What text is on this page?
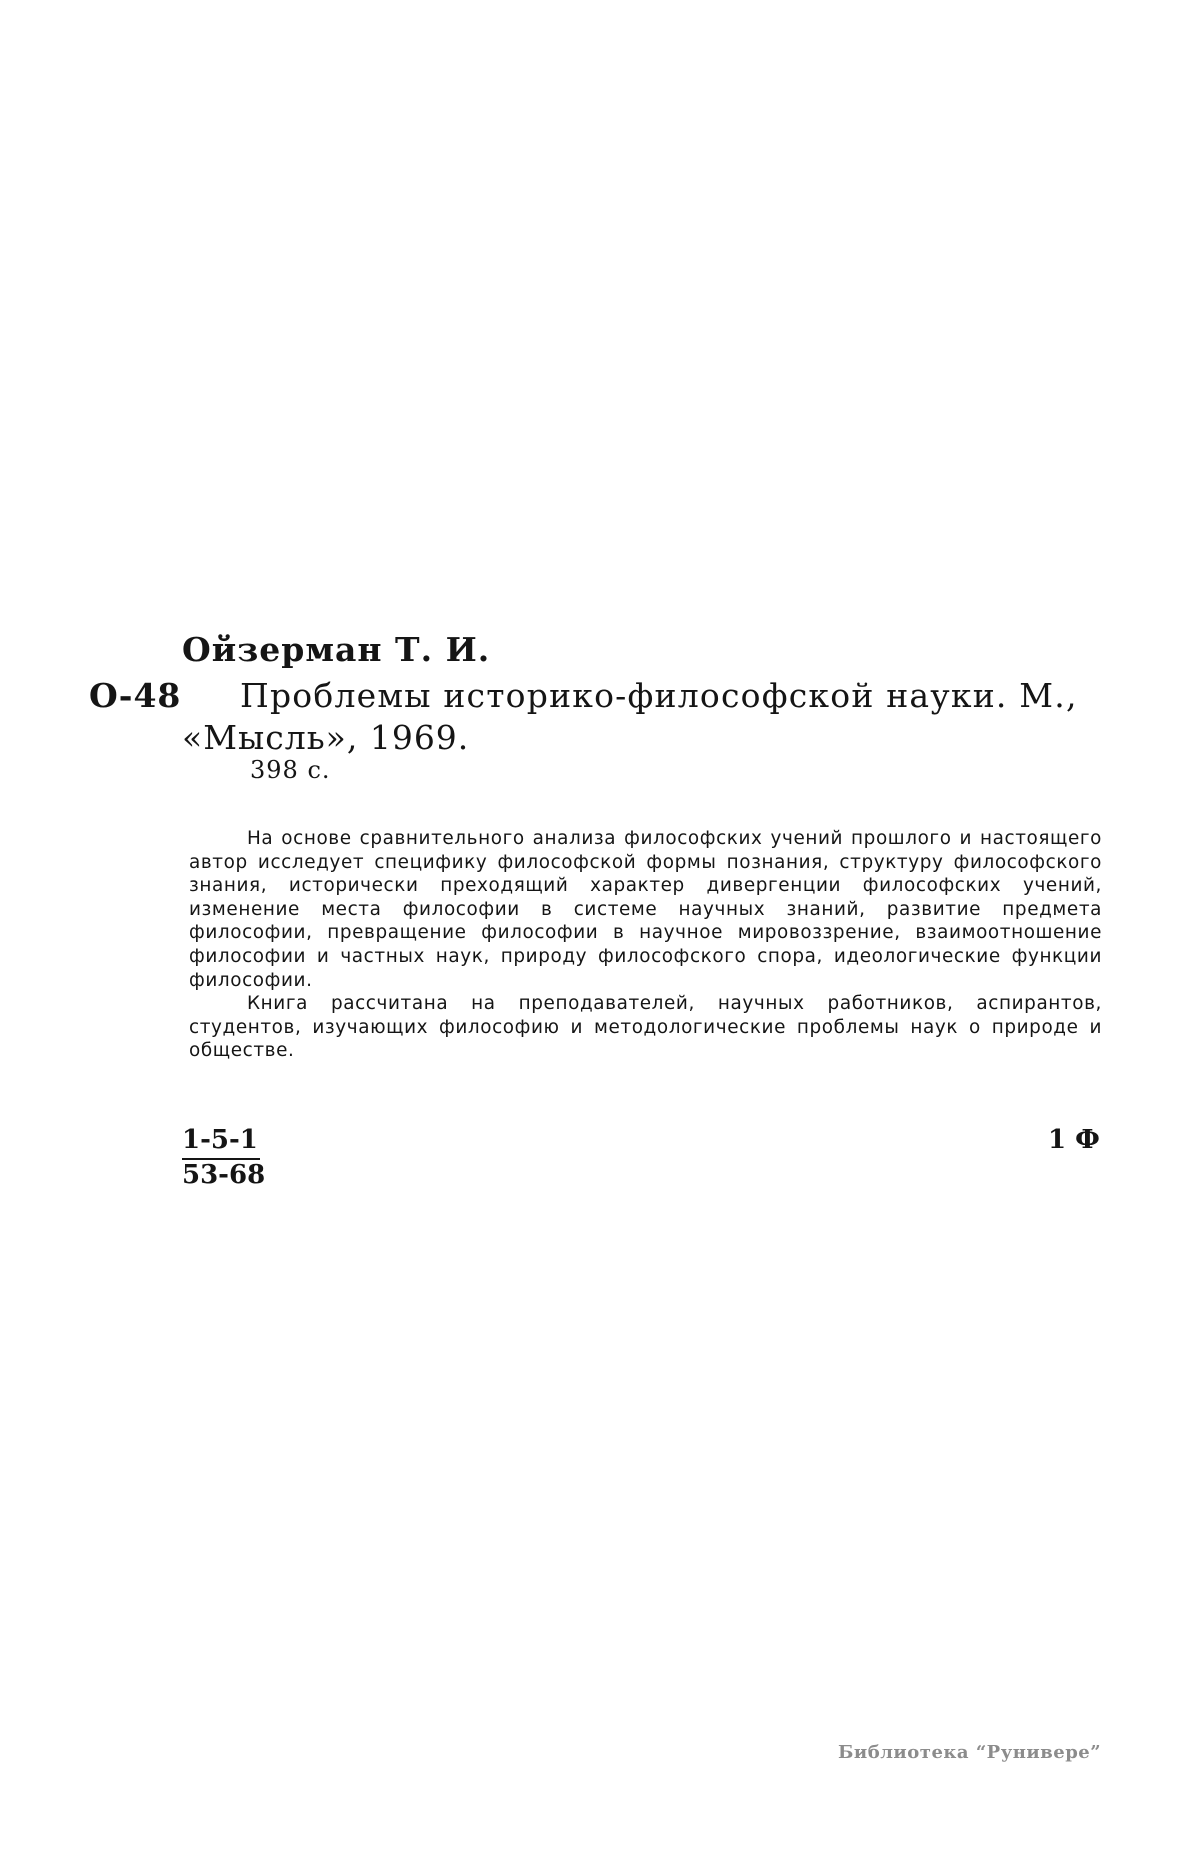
Ойзерман Т. И.
О-48 Проблемы историко-философской науки. М.,
«Мысль», 1969.
398 с.

На основе сравнительного анализа философских учений прошлого и настоящего автор исследует специфику философской формы познания, структуру философского знания, исторически преходящий характер дивергенции философских учений, изменение места философии в системе научных знаний, развитие предмета философии, превращение философии в научное мировоззрение, взаимоотношение философии и частных наук, природу философского спора, идеологические функции философии.

Книга рассчитана на преподавателей, научных работников, аспирантов, студентов, изучающих философию и методологические проблемы наук о природе и обществе.

1-5-1
53-68
1 Ф
Библиотека “Рунивере”
